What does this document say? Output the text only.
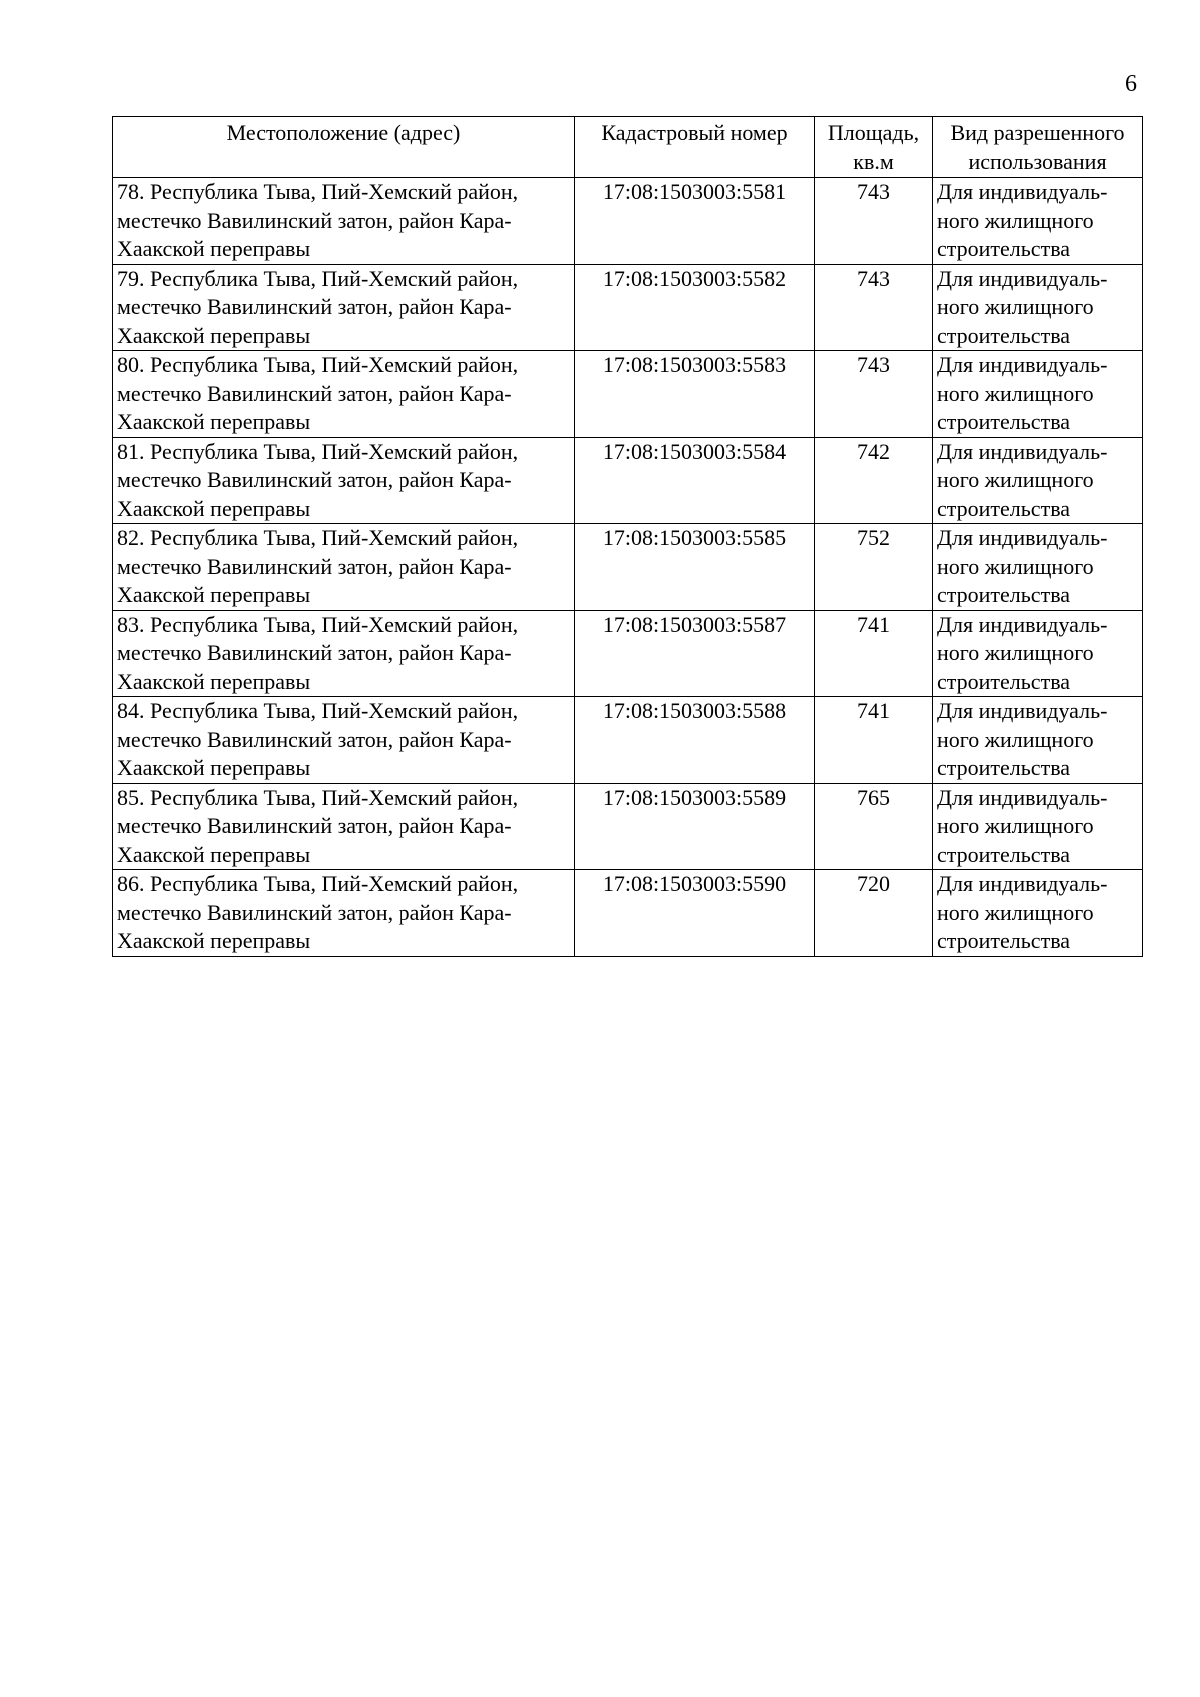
6
Местоположение (адрес)	Кадастровый номер	Площадь,
кв.м	Вид разрешенного
использования

78. Республика Тыва, Пий-Хемский район,
местечко Вавилинский затон, район Кара-
Хаакской переправы	17:08:1503003:5581	743	Для индивидуаль-
ного жилищного
строительства

79. Республика Тыва, Пий-Хемский район,
местечко Вавилинский затон, район Кара-
Хаакской переправы	17:08:1503003:5582	743	Для индивидуаль-
ного жилищного
строительства

80. Республика Тыва, Пий-Хемский район,
местечко Вавилинский затон, район Кара-
Хаакской переправы	17:08:1503003:5583	743	Для индивидуаль-
ного жилищного
строительства

81. Республика Тыва, Пий-Хемский район,
местечко Вавилинский затон, район Кара-
Хаакской переправы	17:08:1503003:5584	742	Для индивидуаль-
ного жилищного
строительства

82. Республика Тыва, Пий-Хемский район,
местечко Вавилинский затон, район Кара-
Хаакской переправы	17:08:1503003:5585	752	Для индивидуаль-
ного жилищного
строительства

83. Республика Тыва, Пий-Хемский район,
местечко Вавилинский затон, район Кара-
Хаакской переправы	17:08:1503003:5587	741	Для индивидуаль-
ного жилищного
строительства

84. Республика Тыва, Пий-Хемский район,
местечко Вавилинский затон, район Кара-
Хаакской переправы	17:08:1503003:5588	741	Для индивидуаль-
ного жилищного
строительства

85. Республика Тыва, Пий-Хемский район,
местечко Вавилинский затон, район Кара-
Хаакской переправы	17:08:1503003:5589	765	Для индивидуаль-
ного жилищного
строительства

86. Республика Тыва, Пий-Хемский район,
местечко Вавилинский затон, район Кара-
Хаакской переправы	17:08:1503003:5590	720	Для индивидуаль-
ного жилищного
строительства
